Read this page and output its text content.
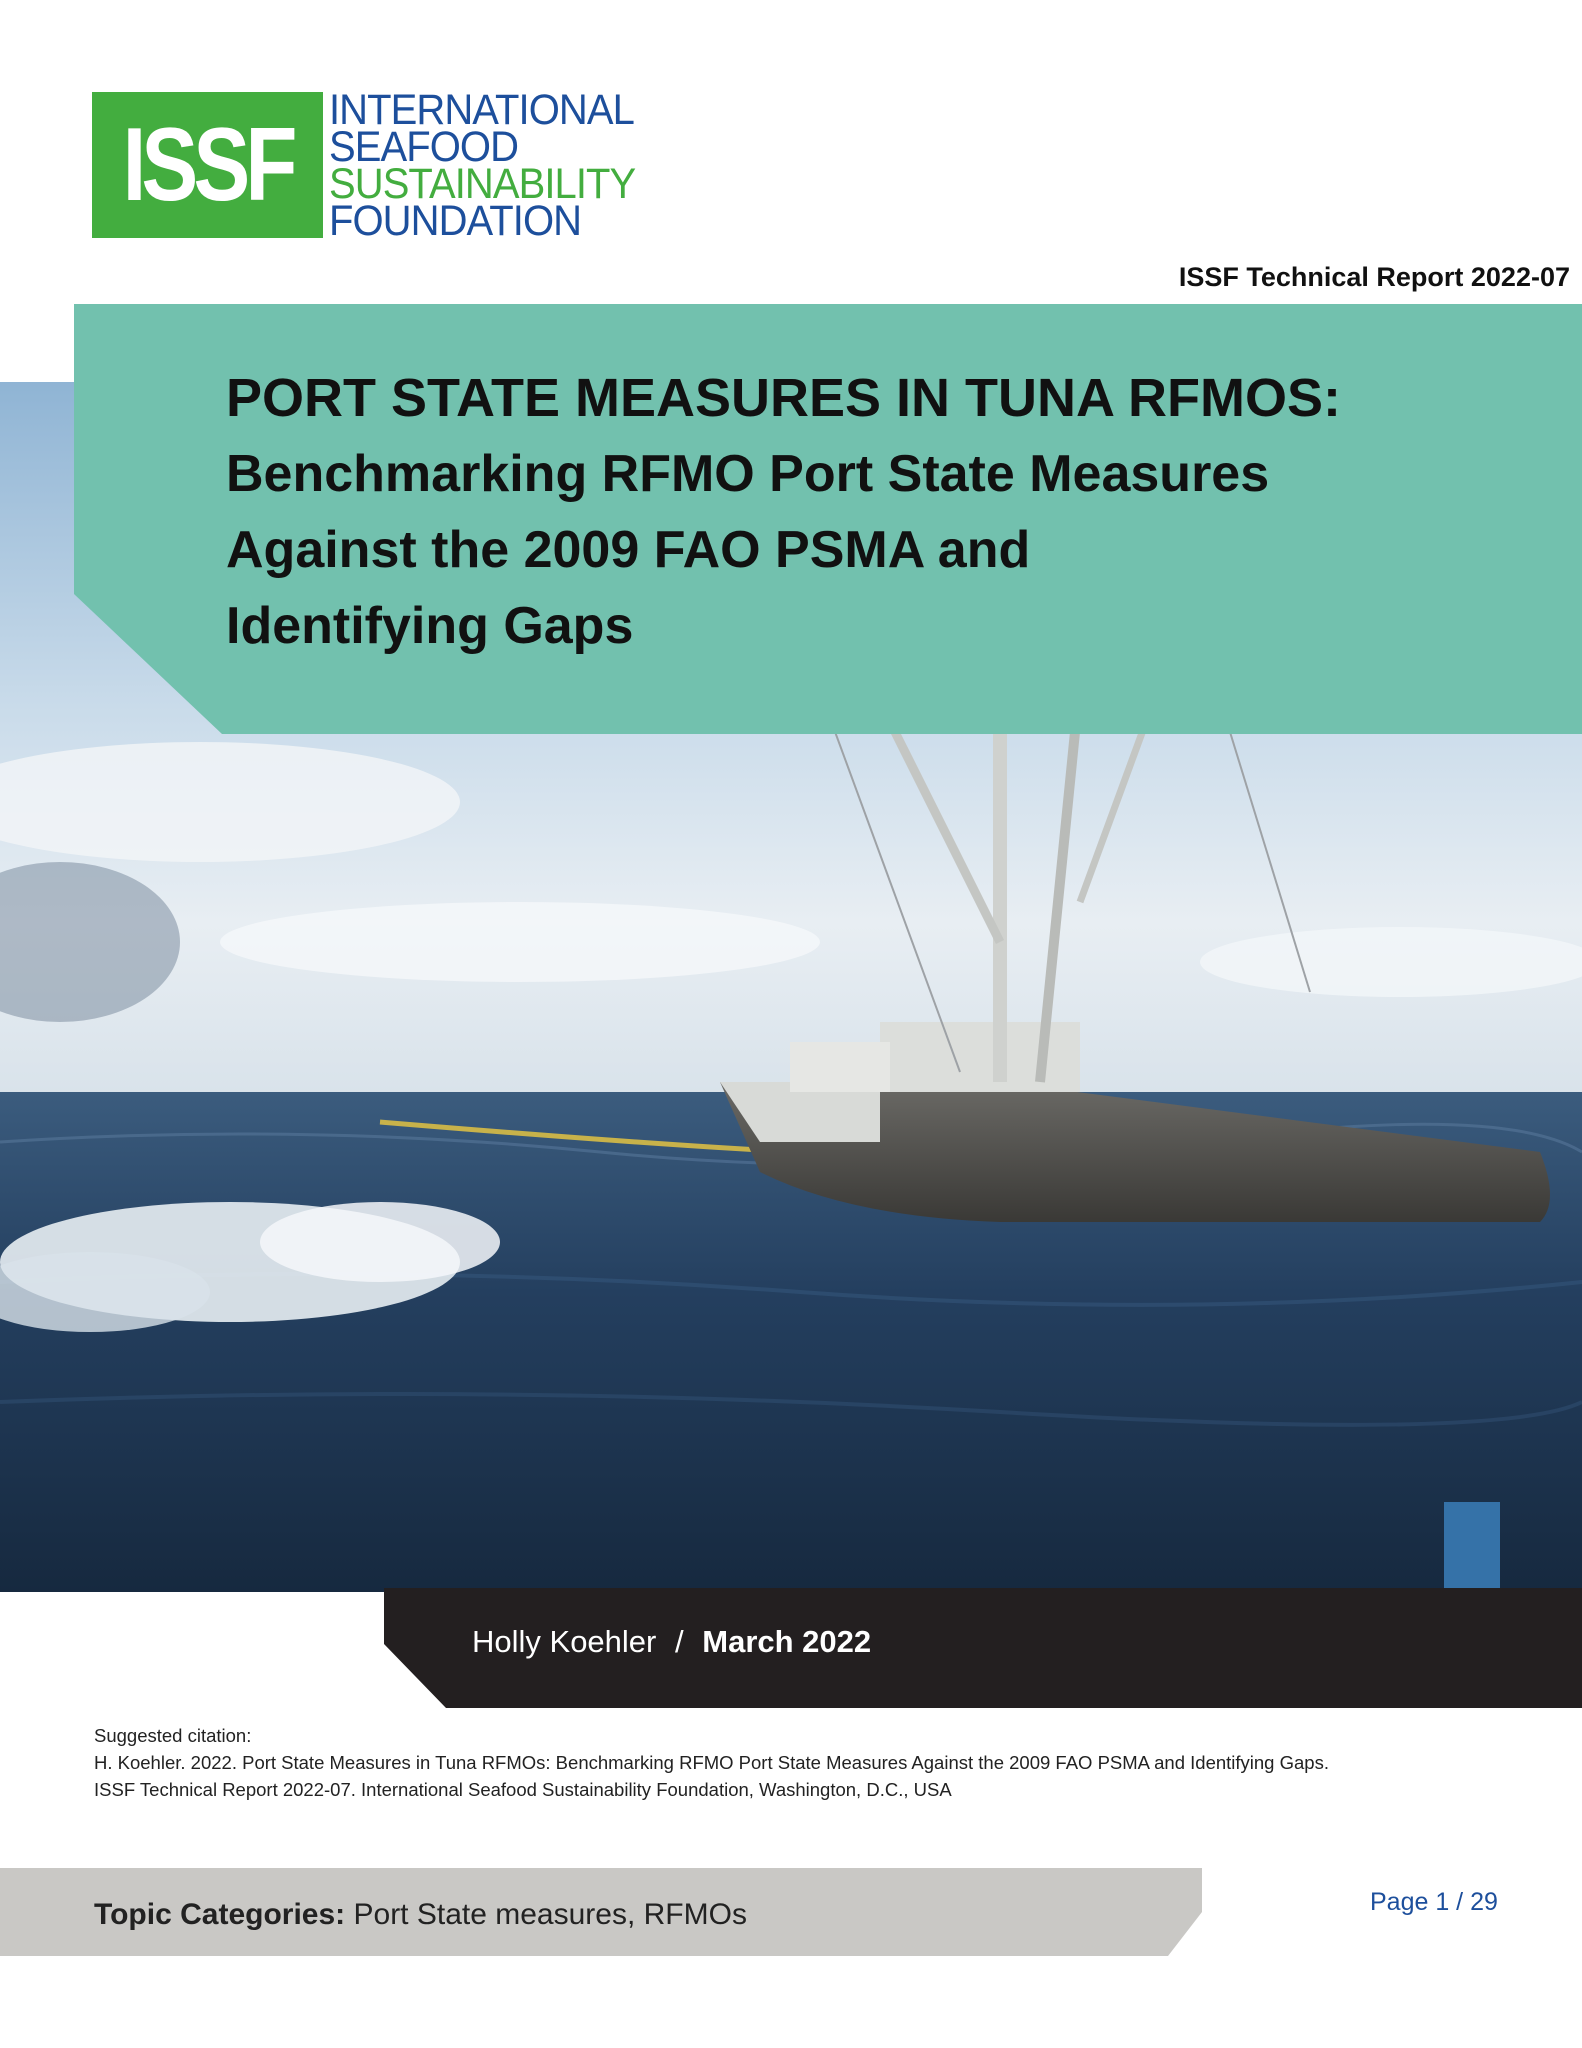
ISSF INTERNATIONAL
SEAFOOD
SUSTAINABILITY
FOUNDATION
ISSF Technical Report 2022-07
Photo: David Itano
PORT STATE MEASURES IN TUNA RFMOS:
Benchmarking RFMO Port State Measures
Against the 2009 FAO PSMA and
Identifying Gaps
Holly Koehler / March 2022
Suggested citation:
H. Koehler. 2022. Port State Measures in Tuna RFMOs: Benchmarking RFMO Port State Measures Against the 2009 FAO PSMA and Identifying Gaps.
ISSF Technical Report 2022-07. International Seafood Sustainability Foundation, Washington, D.C., USA
Topic Categories: Port State measures, RFMOs	Page 1 / 29
